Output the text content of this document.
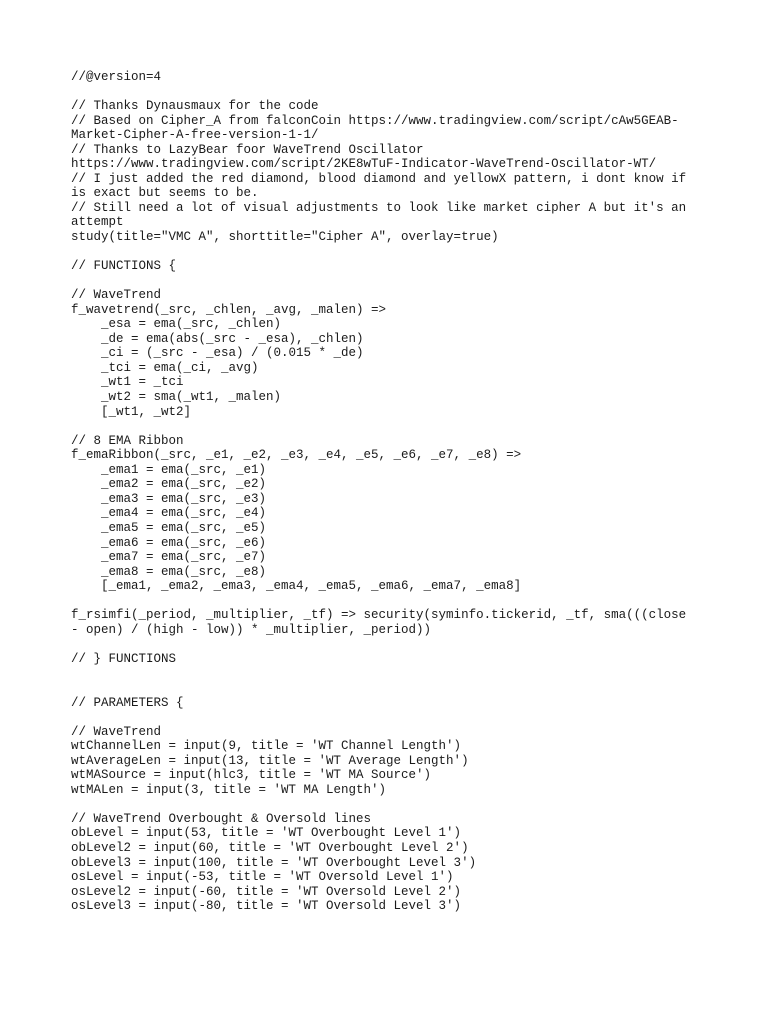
//@version=4
// Thanks Dynausmaux for the code
// Based on Cipher_A from falconCoin https://www.tradingview.com/script/cAw5GEAB-
Market-Cipher-A-free-version-1-1/
// Thanks to LazyBear foor WaveTrend Oscillator
https://www.tradingview.com/script/2KE8wTuF-Indicator-WaveTrend-Oscillator-WT/
// I just added the red diamond, blood diamond and yellowX pattern, i dont know if
is exact but seems to be.
// Still need a lot of visual adjustments to look like market cipher A but it's an
attempt
study(title="VMC A", shorttitle="Cipher A", overlay=true)
// FUNCTIONS {
// WaveTrend
f_wavetrend(_src, _chlen, _avg, _malen) =>
_esa = ema(_src, _chlen)
_de = ema(abs(_src - _esa), _chlen)
_ci = (_src - _esa) / (0.015 * _de)
_tci = ema(_ci, _avg)
_wt1 = _tci
_wt2 = sma(_wt1, _malen)
[_wt1, _wt2]
// 8 EMA Ribbon
f_emaRibbon(_src, _e1, _e2, _e3, _e4, _e5, _e6, _e7, _e8) =>
_ema1 = ema(_src, _e1)
_ema2 = ema(_src, _e2)
_ema3 = ema(_src, _e3)
_ema4 = ema(_src, _e4)
_ema5 = ema(_src, _e5)
_ema6 = ema(_src, _e6)
_ema7 = ema(_src, _e7)
_ema8 = ema(_src, _e8)
[_ema1, _ema2, _ema3, _ema4, _ema5, _ema6, _ema7, _ema8]
f_rsimfi(_period, _multiplier, _tf) => security(syminfo.tickerid, _tf, sma(((close
- open) / (high - low)) * _multiplier, _period))
// } FUNCTIONS
// PARAMETERS {
// WaveTrend
wtChannelLen = input(9, title = 'WT Channel Length')
wtAverageLen = input(13, title = 'WT Average Length')
wtMASource = input(hlc3, title = 'WT MA Source')
wtMALen = input(3, title = 'WT MA Length')
// WaveTrend Overbought & Oversold lines
obLevel = input(53, title = 'WT Overbought Level 1')
obLevel2 = input(60, title = 'WT Overbought Level 2')
obLevel3 = input(100, title = 'WT Overbought Level 3')
osLevel = input(-53, title = 'WT Oversold Level 1')
osLevel2 = input(-60, title = 'WT Oversold Level 2')
osLevel3 = input(-80, title = 'WT Oversold Level 3')
